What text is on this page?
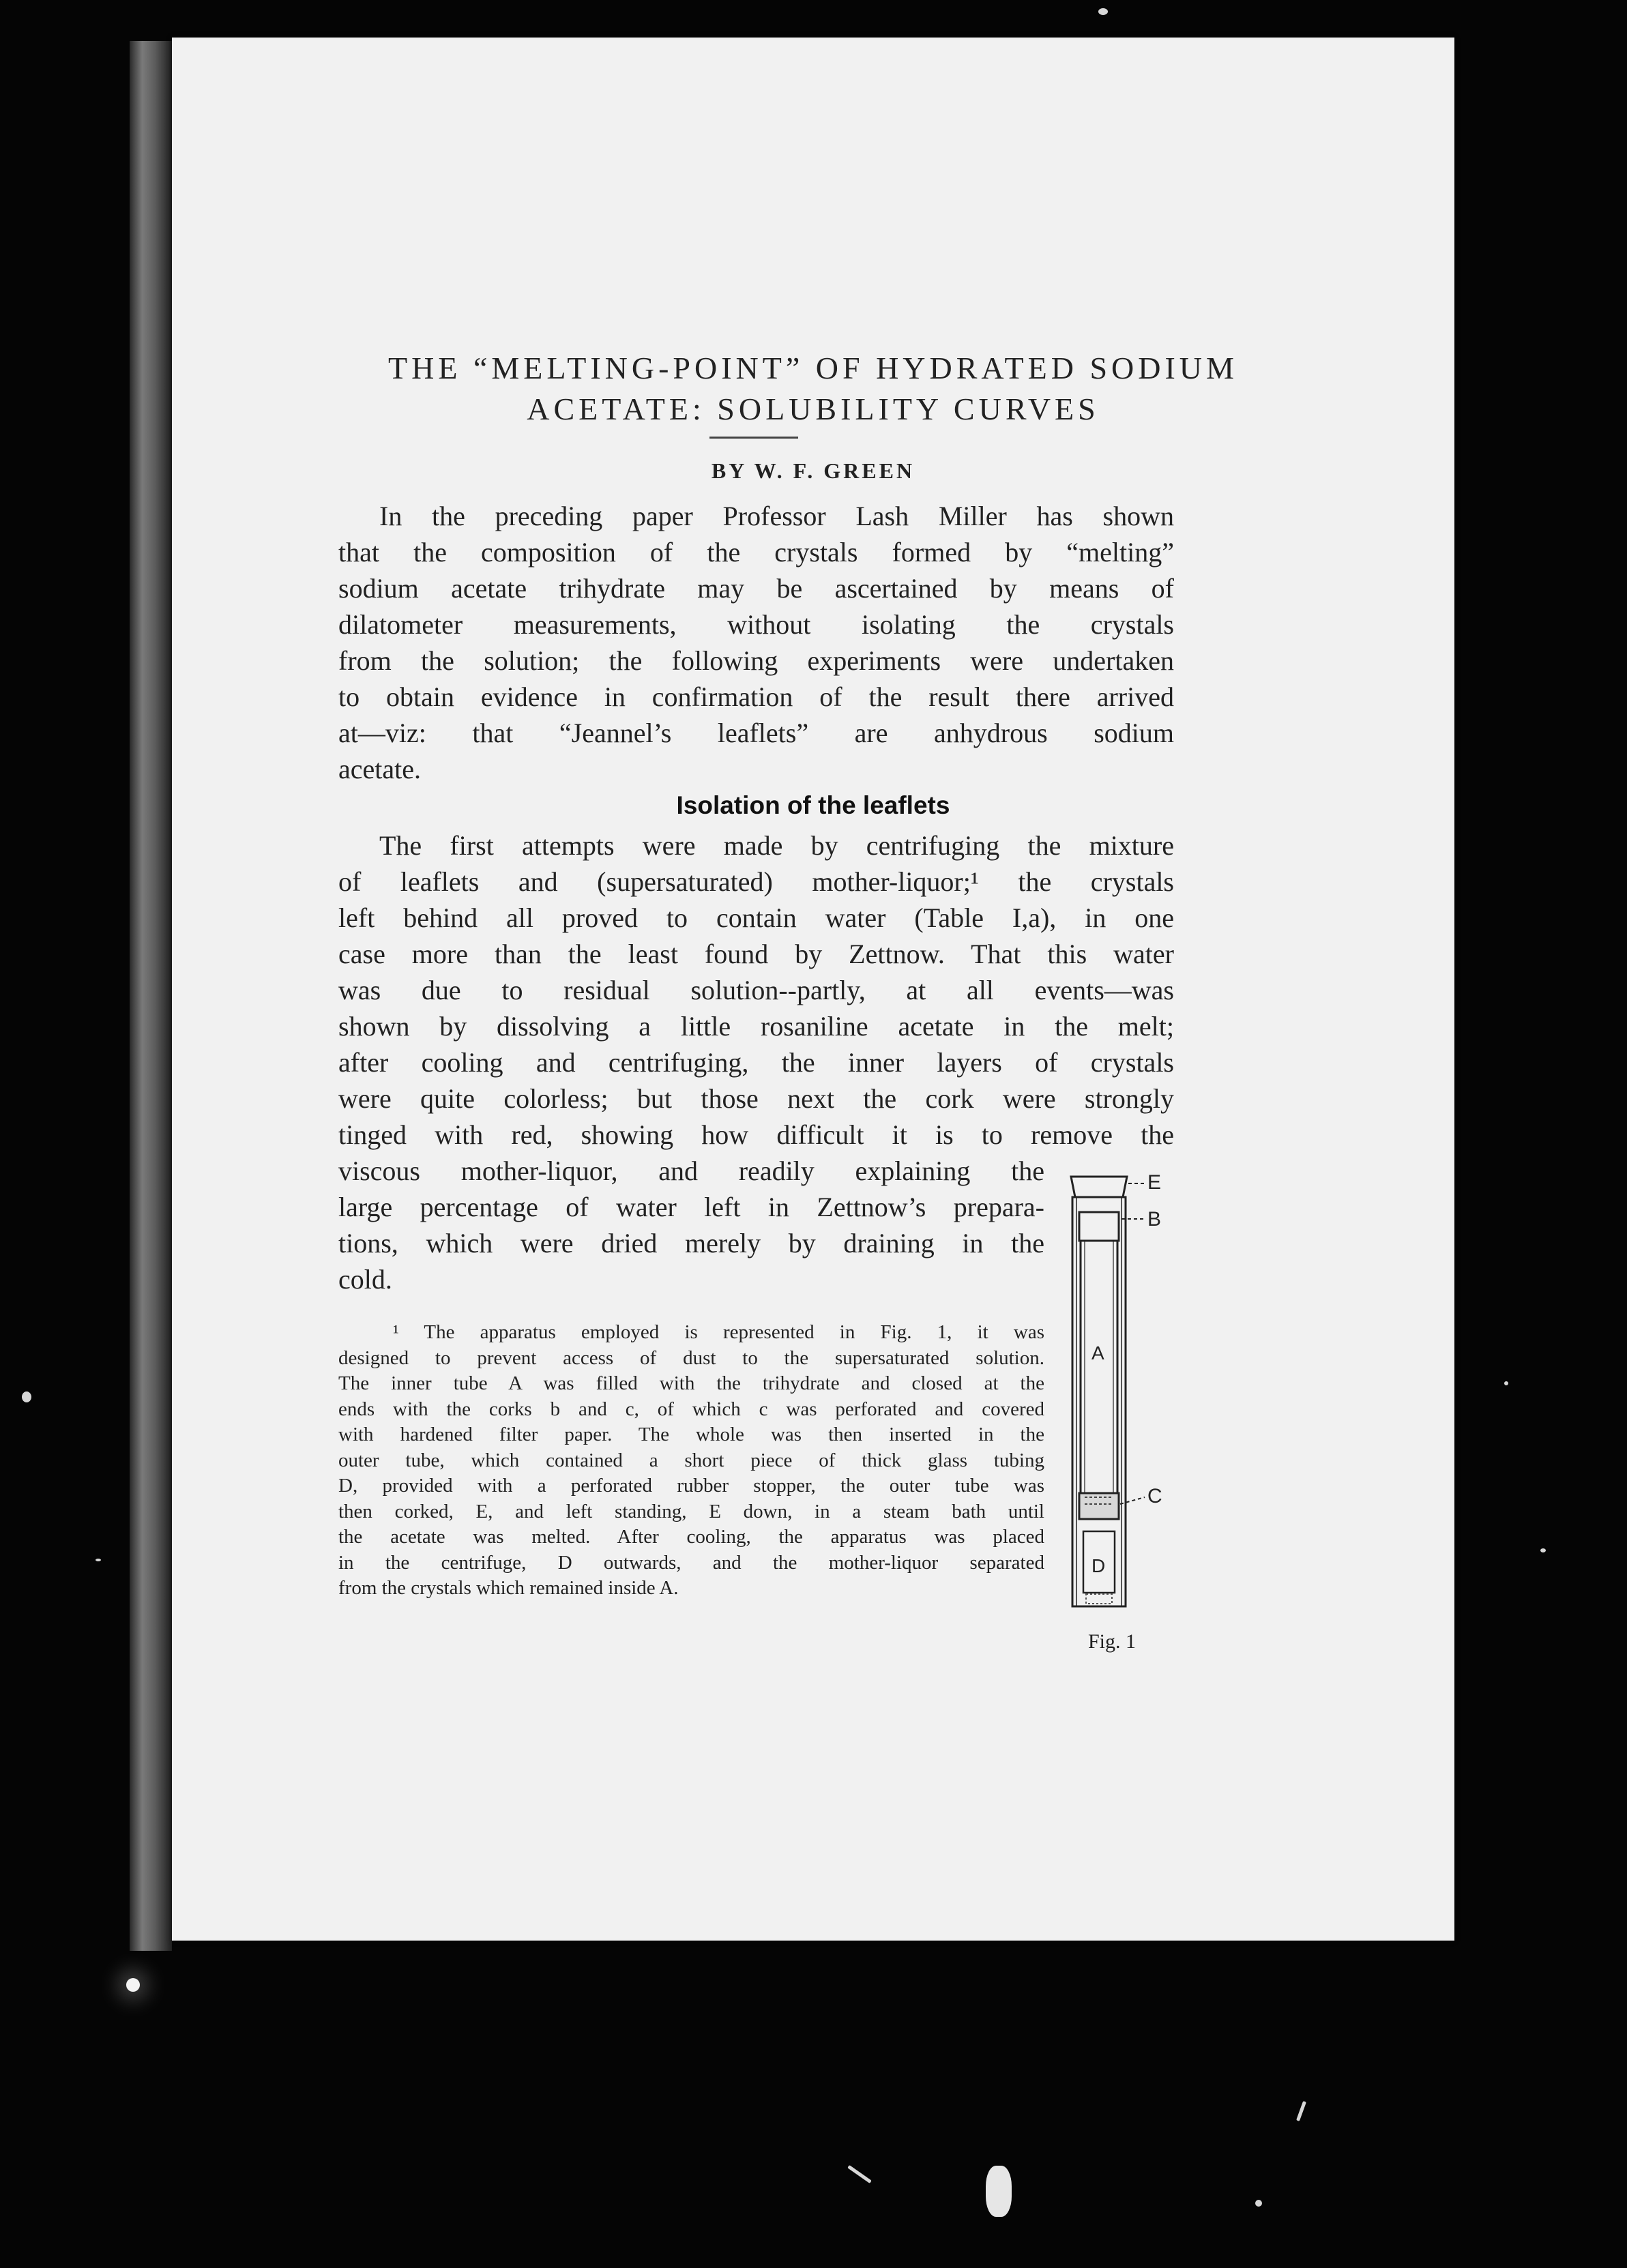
THE “MELTING-POINT” OF HYDRATED SODIUM
ACETATE: SOLUBILITY CURVES
BY W. F. GREEN
In the preceding paper Professor Lash Miller has shown
that the composition of the crystals formed by “melting”
sodium acetate trihydrate may be ascertained by means of
dilatometer measurements, without isolating the crystals
from the solution; the following experiments were undertaken
to obtain evidence in confirmation of the result there arrived
at—viz: that “Jeannel’s leaflets” are anhydrous sodium
acetate.
Isolation of the leaflets
The first attempts were made by centrifuging the mixture
of leaflets and (supersaturated) mother-liquor;¹ the crystals
left behind all proved to contain water (Table I,a), in one
case more than the least found by Zettnow. That this water
was due to residual solution--partly, at all events—was
shown by dissolving a little rosaniline acetate in the melt;
after cooling and centrifuging, the inner layers of crystals
were quite colorless; but those next the cork were strongly
tinged with red, showing how difficult it is to remove the
viscous mother-liquor, and readily explaining the
large percentage of water left in Zettnow’s prepara-
tions, which were dried merely by draining in the
cold.
¹ The apparatus employed is represented in Fig. 1, it was
designed to prevent access of dust to the supersaturated solution.
The inner tube A was filled with the trihydrate and closed at the
ends with the corks b and c, of which c was perforated and covered
with hardened filter paper. The whole was then inserted in the
outer tube, which contained a short piece of thick glass tubing
D, provided with a perforated rubber stopper, the outer tube was
then corked, E, and left standing, E down, in a steam bath until
the acetate was melted. After cooling, the apparatus was placed
in the centrifuge, D outwards, and the mother-liquor separated
from the crystals which remained inside A.
E
B
A
C
D
Fig. 1
